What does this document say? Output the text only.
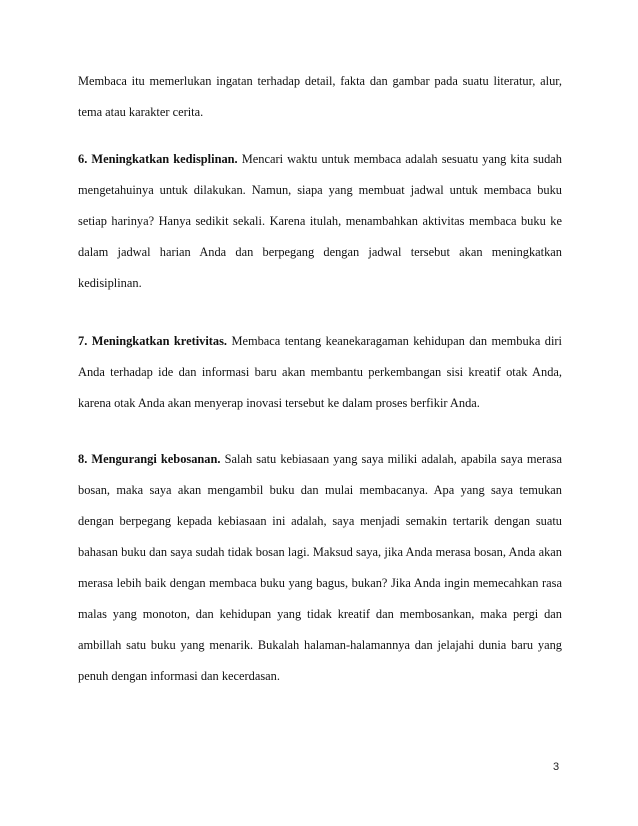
Membaca itu memerlukan ingatan terhadap detail, fakta dan gambar pada suatu literatur, alur, tema atau karakter cerita.

6. Meningkatkan kedisplinan. Mencari waktu untuk membaca adalah sesuatu yang kita sudah mengetahuinya untuk dilakukan. Namun, siapa yang membuat jadwal untuk membaca buku setiap harinya? Hanya sedikit sekali. Karena itulah, menambahkan aktivitas membaca buku ke dalam jadwal harian Anda dan berpegang dengan jadwal tersebut akan meningkatkan kedisiplinan.

7. Meningkatkan kretivitas. Membaca tentang keanekaragaman kehidupan dan membuka diri Anda terhadap ide dan informasi baru akan membantu perkembangan sisi kreatif otak Anda, karena otak Anda akan menyerap inovasi tersebut ke dalam proses berfikir Anda.

8. Mengurangi kebosanan. Salah satu kebiasaan yang saya miliki adalah, apabila saya merasa bosan, maka saya akan mengambil buku dan mulai membacanya. Apa yang saya temukan dengan berpegang kepada kebiasaan ini adalah, saya menjadi semakin tertarik dengan suatu bahasan buku dan saya sudah tidak bosan lagi. Maksud saya, jika Anda merasa bosan, Anda akan merasa lebih baik dengan membaca buku yang bagus, bukan? Jika Anda ingin memecahkan rasa malas yang monoton, dan kehidupan yang tidak kreatif dan membosankan, maka pergi dan ambillah satu buku yang menarik. Bukalah halaman-halamannya dan jelajahi dunia baru yang penuh dengan informasi dan kecerdasan.

3
